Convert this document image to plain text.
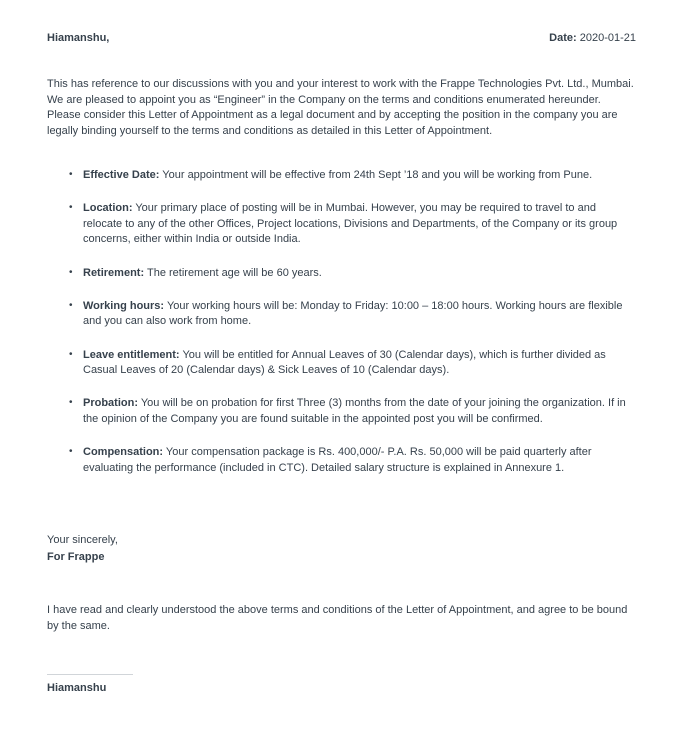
Hiamanshu,	Date: 2020-01-21

This has reference to our discussions with you and your interest to work with the Frappe Technologies Pvt. Ltd., Mumbai. We are pleased to appoint you as “Engineer” in the Company on the terms and conditions enumerated hereunder. Please consider this Letter of Appointment as a legal document and by accepting the position in the company you are legally binding yourself to the terms and conditions as detailed in this Letter of Appointment.

• Effective Date: Your appointment will be effective from 24th Sept ’18 and you will be working from Pune.
• Location: Your primary place of posting will be in Mumbai. However, you may be required to travel to and relocate to any of the other Offices, Project locations, Divisions and Departments, of the Company or its group concerns, either within India or outside India.
• Retirement: The retirement age will be 60 years.
• Working hours: Your working hours will be: Monday to Friday: 10:00 – 18:00 hours. Working hours are flexible and you can also work from home.
• Leave entitlement: You will be entitled for Annual Leaves of 30 (Calendar days), which is further divided as Casual Leaves of 20 (Calendar days) & Sick Leaves of 10 (Calendar days).
• Probation: You will be on probation for first Three (3) months from the date of your joining the organization. If in the opinion of the Company you are found suitable in the appointed post you will be confirmed.
• Compensation: Your compensation package is Rs. 400,000/- P.A. Rs. 50,000 will be paid quarterly after evaluating the performance (included in CTC). Detailed salary structure is explained in Annexure 1.
Your sincerely,
For Frappe

I have read and clearly understood the above terms and conditions of the Letter of Appointment, and agree to be bound by the same.

Hiamanshu
